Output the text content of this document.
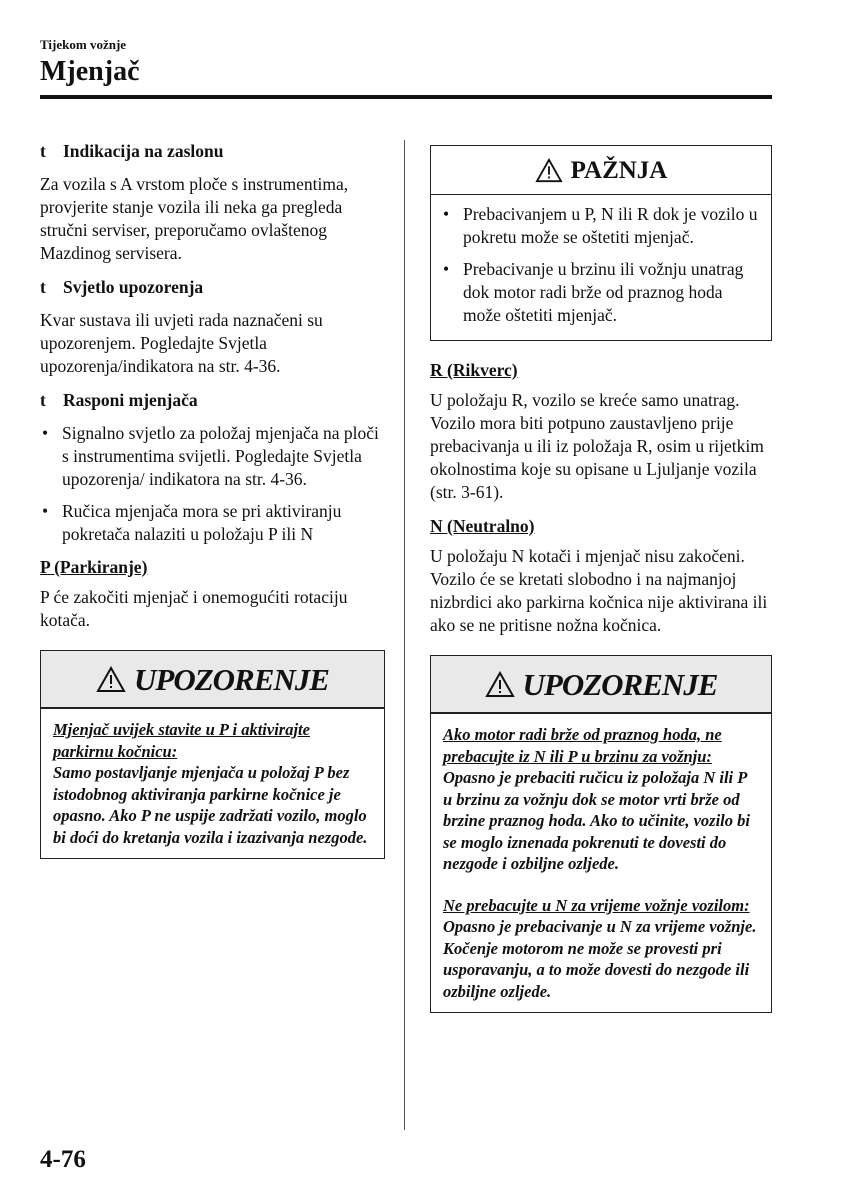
Tijekom vožnje
Mjenjač
t Indikacija na zaslonu

Za vozila s A vrstom ploče s instrumentima, provjerite stanje vozila ili neka ga pregleda stručni serviser, preporučamo ovlaštenog Mazdinog servisera.

t Svjetlo upozorenja

Kvar sustava ili uvjeti rada naznačeni su upozorenjem. Pogledajte Svjetla upozorenja/indikatora na str. 4-36.

t Rasponi mjenjača
• Signalno svjetlo za položaj mjenjača na ploči s instrumentima svijetli. Pogledajte Svjetla upozorenja/ indikatora na str. 4-36.
• Ručica mjenjača mora se pri aktiviranju pokretača nalaziti u položaju P ili N
P (Parkiranje)

P će zakočiti mjenjač i onemogućiti rotaciju kotača.

UPOZORENJE
Mjenjač uvijek stavite u P i aktivirajte parkirnu kočnicu:
Samo postavljanje mjenjača u položaj P bez istodobnog aktiviranja parkirne kočnice je opasno. Ako P ne uspije zadržati vozilo, moglo bi doći do kretanja vozila i izazivanja nezgode.
PAŽNJA
• Prebacivanjem u P, N ili R dok je vozilo u pokretu može se oštetiti mjenjač.
• Prebacivanje u brzinu ili vožnju unatrag dok motor radi brže od praznog hoda može oštetiti mjenjač.
R (Rikverc)

U položaju R, vozilo se kreće samo unatrag. Vozilo mora biti potpuno zaustavljeno prije prebacivanja u ili iz položaja R, osim u rijetkim okolnostima koje su opisane u Ljuljanje vozila (str. 3-61).

N (Neutralno)

U položaju N kotači i mjenjač nisu zakočeni. Vozilo će se kretati slobodno i na najmanjoj nizbrdici ako parkirna kočnica nije aktivirana ili ako se ne pritisne nožna kočnica.

UPOZORENJE
Ako motor radi brže od praznog hoda, ne prebacujte iz N ili P u brzinu za vožnju:
Opasno je prebaciti ručicu iz položaja N ili P u brzinu za vožnju dok se motor vrti brže od brzine praznog hoda. Ako to učinite, vozilo bi se moglo iznenada pokrenuti te dovesti do nezgode i ozbiljne ozljede.
Ne prebacujte u N za vrijeme vožnje vozilom:
Opasno je prebacivanje u N za vrijeme vožnje. Kočenje motorom ne može se provesti pri usporavanju, a to može dovesti do nezgode ili ozbiljne ozljede.
4-76
